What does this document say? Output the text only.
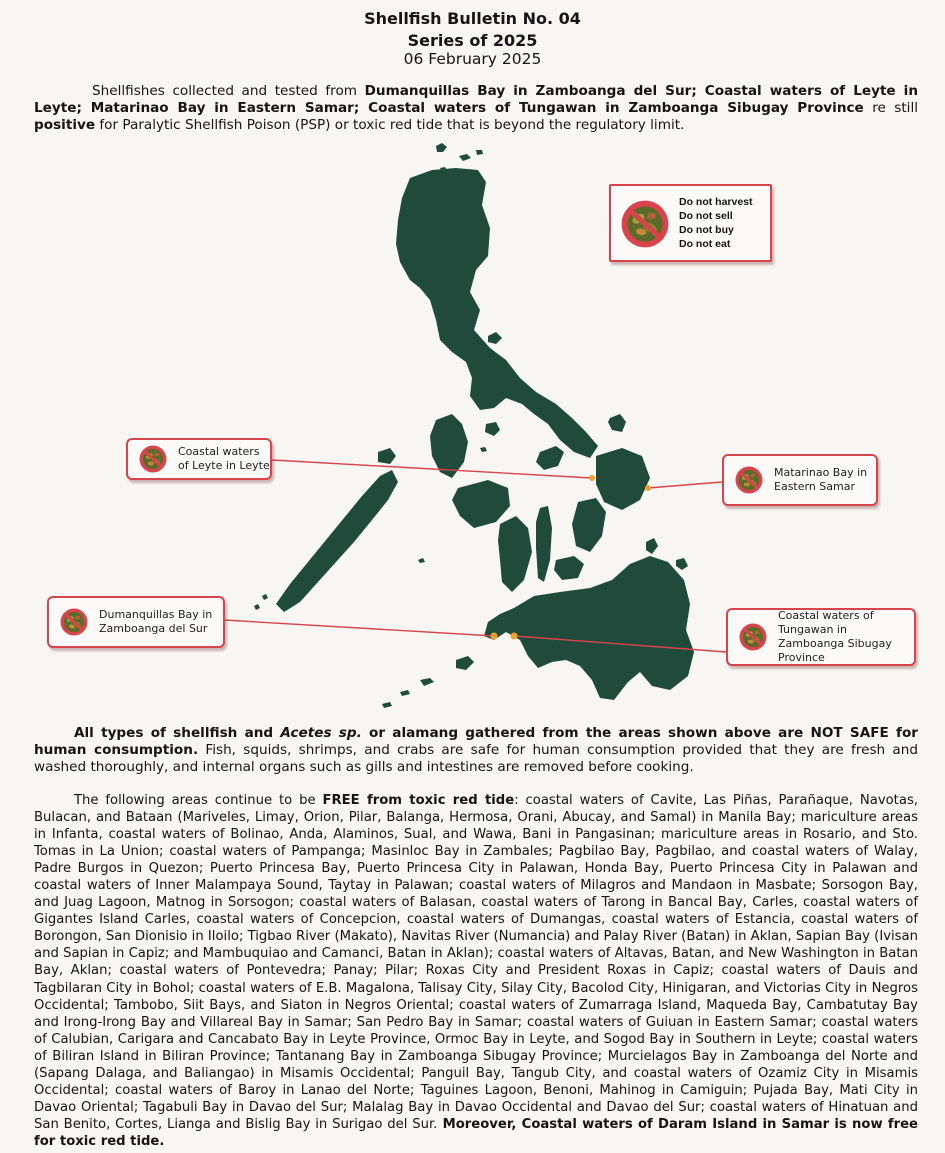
Shellfish Bulletin No. 04
Series of 2025
06 February 2025

Shellfishes collected and tested from Dumanquillas Bay in Zamboanga del Sur; Coastal waters of Leyte in Leyte; Matarinao Bay in Eastern Samar; Coastal waters of Tungawan in Zamboanga Sibugay Province re still positive for Paralytic Shellfish Poison (PSP) or toxic red tide that is beyond the regulatory limit.

Do not harvest
Do not sell
Do not buy
Do not eat
Coastal waters of Leyte in Leyte
Matarinao Bay in Eastern Samar
Dumanquillas Bay in Zamboanga del Sur
Coastal waters of Tungawan in Zamboanga Sibugay Province

All types of shellfish and Acetes sp. or alamang gathered from the areas shown above are NOT SAFE for human consumption. Fish, squids, shrimps, and crabs are safe for human consumption provided that they are fresh and washed thoroughly, and internal organs such as gills and intestines are removed before cooking.

The following areas continue to be FREE from toxic red tide: coastal waters of Cavite, Las Piñas, Parañaque, Navotas, Bulacan, and Bataan (Mariveles, Limay, Orion, Pilar, Balanga, Hermosa, Orani, Abucay, and Samal) in Manila Bay; mariculture areas in Infanta, coastal waters of Bolinao, Anda, Alaminos, Sual, and Wawa, Bani in Pangasinan; mariculture areas in Rosario, and Sto. Tomas in La Union; coastal waters of Pampanga; Masinloc Bay in Zambales; Pagbilao Bay, Pagbilao, and coastal waters of Walay, Padre Burgos in Quezon; Puerto Princesa Bay, Puerto Princesa City in Palawan, Honda Bay, Puerto Princesa City in Palawan and coastal waters of Inner Malampaya Sound, Taytay in Palawan; coastal waters of Milagros and Mandaon in Masbate; Sorsogon Bay, and Juag Lagoon, Matnog in Sorsogon; coastal waters of Balasan, coastal waters of Tarong in Bancal Bay, Carles, coastal waters of Gigantes Island Carles, coastal waters of Concepcion, coastal waters of Dumangas, coastal waters of Estancia, coastal waters of Borongon, San Dionisio in Iloilo; Tigbao River (Makato), Navitas River (Numancia) and Palay River (Batan) in Aklan, Sapian Bay (Ivisan and Sapian in Capiz; and Mambuquiao and Camanci, Batan in Aklan); coastal waters of Altavas, Batan, and New Washington in Batan Bay, Aklan; coastal waters of Pontevedra; Panay; Pilar; Roxas City and President Roxas in Capiz; coastal waters of Dauis and Tagbilaran City in Bohol; coastal waters of E.B. Magalona, Talisay City, Silay City, Bacolod City, Hinigaran, and Victorias City in Negros Occidental; Tambobo, Siit Bays, and Siaton in Negros Oriental; coastal waters of Zumarraga Island, Maqueda Bay, Cambatutay Bay and Irong-Irong Bay and Villareal Bay in Samar; San Pedro Bay in Samar; coastal waters of Guiuan in Eastern Samar; coastal waters of Calubian, Carigara and Cancabato Bay in Leyte Province, Ormoc Bay in Leyte, and Sogod Bay in Southern in Leyte; coastal waters of Biliran Island in Biliran Province; Tantanang Bay in Zamboanga Sibugay Province; Murcielagos Bay in Zamboanga del Norte and (Sapang Dalaga, and Baliangao) in Misamis Occidental; Panguil Bay, Tangub City, and coastal waters of Ozamiz City in Misamis Occidental; coastal waters of Baroy in Lanao del Norte; Taguines Lagoon, Benoni, Mahinog in Camiguin; Pujada Bay, Mati City in Davao Oriental; Tagabuli Bay in Davao del Sur; Malalag Bay in Davao Occidental and Davao del Sur; coastal waters of Hinatuan and San Benito, Cortes, Lianga and Bislig Bay in Surigao del Sur. Moreover, Coastal waters of Daram Island in Samar is now free for toxic red tide.
